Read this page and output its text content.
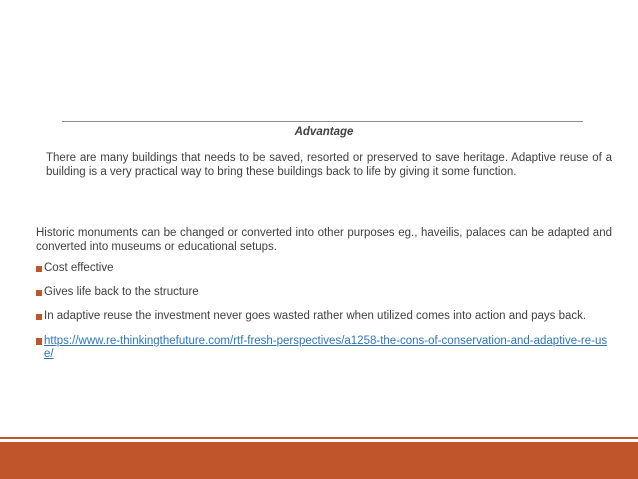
Advantage

There are many buildings that needs to be saved, resorted or preserved to save heritage. Adaptive reuse of a building is a very practical way to bring these buildings back to life by giving it some function.

Historic monuments can be changed or converted into other purposes eg., haveilis, palaces can be adapted and converted into museums or educational setups.

Cost effective
Gives life back to the structure
In adaptive reuse the investment never goes wasted rather when utilized comes into action and pays back.
https://www.re-thinkingthefuture.com/rtf-fresh-perspectives/a1258-the-cons-of-conservation-and-adaptive-re-use/
